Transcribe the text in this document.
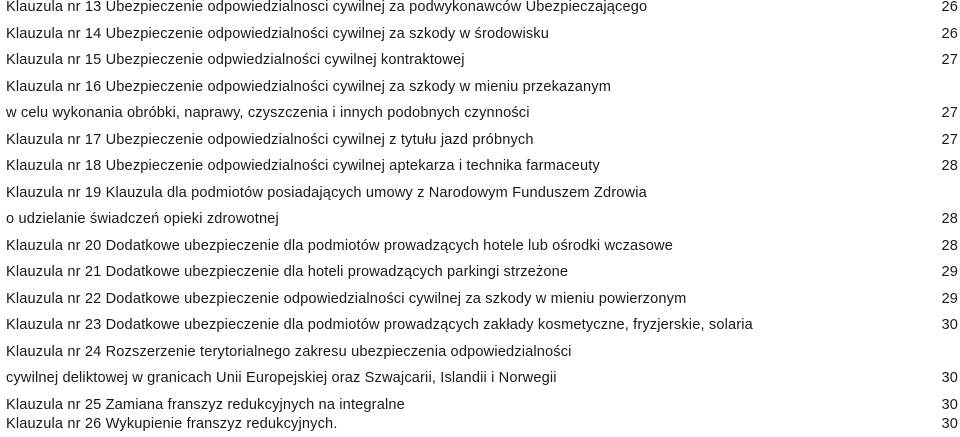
Klauzula nr 13 Ubezpieczenie odpowiedzialnosci cywilnej za podwykonawców Ubezpieczającego	26
Klauzula nr 14 Ubezpieczenie odpowiedzialności cywilnej za szkody w środowisku	26
Klauzula nr 15 Ubezpieczenie odpwiedzialności cywilnej kontraktowej	27
Klauzula nr 16 Ubezpieczenie odpowiedzialności cywilnej za szkody w mieniu przekazanym
w celu wykonania obróbki, naprawy, czyszczenia i innych podobnych czynności	27
Klauzula nr 17 Ubezpieczenie odpowiedzialności cywilnej z tytułu jazd próbnych	27
Klauzula nr 18 Ubezpieczenie odpowiedzialności cywilnej aptekarza i technika farmaceuty	28
Klauzula nr 19 Klauzula dla podmiotów posiadających umowy z Narodowym Funduszem Zdrowia
o udzielanie świadczeń opieki zdrowotnej	28
Klauzula nr 20 Dodatkowe ubezpieczenie dla podmiotów prowadzących hotele lub ośrodki wczasowe	28
Klauzula nr 21 Dodatkowe ubezpieczenie dla hoteli prowadzących parkingi strzeżone	29
Klauzula nr 22 Dodatkowe ubezpieczenie odpowiedzialności cywilnej za szkody w mieniu powierzonym	29
Klauzula nr 23 Dodatkowe ubezpieczenie dla podmiotów prowadzących zakłady kosmetyczne, fryzjerskie, solaria	30
Klauzula nr 24 Rozszerzenie terytorialnego zakresu ubezpieczenia odpowiedzialności
cywilnej deliktowej w granicach Unii Europejskiej oraz Szwajcarii, Islandii i Norwegii	30
Klauzula nr 25 Zamiana franszyz redukcyjnych na integralne	30
Klauzula nr 26 Wykupienie franszyz redukcyjnych.	30
